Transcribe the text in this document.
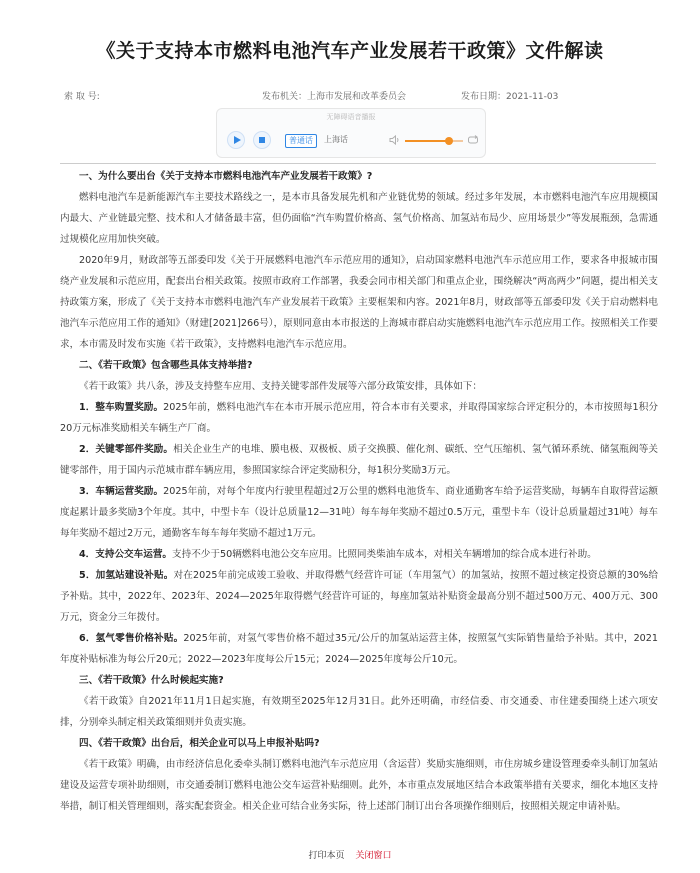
《关于支持本市燃料电池汽车产业发展若干政策》文件解读
索 取 号:	发布机关：上海市发展和改革委员会	发布日期：2021-11-03
无障碍语音播报
普通话	上海话

一、为什么要出台《关于支持本市燃料电池汽车产业发展若干政策》?

燃料电池汽车是新能源汽车主要技术路线之一，是本市具备发展先机和产业链优势的领域。经过多年发展，本市燃料电池汽车应用规模国内最大、产业链最完整、技术和人才储备最丰富，但仍面临“汽车购置价格高、氢气价格高、加氢站布局少、应用场景少”等发展瓶颈，急需通过规模化应用加快突破。

2020年9月，财政部等五部委印发《关于开展燃料电池汽车示范应用的通知》，启动国家燃料电池汽车示范应用工作，要求各申报城市围绕产业发展和示范应用，配套出台相关政策。按照市政府工作部署，我委会同市相关部门和重点企业，围绕解决“两高两少”问题，提出相关支持政策方案，形成了《关于支持本市燃料电池汽车产业发展若干政策》主要框架和内容。2021年8月，财政部等五部委印发《关于启动燃料电池汽车示范应用工作的通知》（财建[2021]266号），原则同意由本市报送的上海城市群启动实施燃料电池汽车示范应用工作。按照相关工作要求，本市需及时发布实施《若干政策》，支持燃料电池汽车示范应用。

二、《若干政策》包含哪些具体支持举措?

《若干政策》共八条，涉及支持整车应用、支持关键零部件发展等六部分政策安排，具体如下：

1．整车购置奖励。2025年前，燃料电池汽车在本市开展示范应用，符合本市有关要求，并取得国家综合评定积分的，本市按照每1积分20万元标准奖励相关车辆生产厂商。

2．关键零部件奖励。相关企业生产的电堆、膜电极、双极板、质子交换膜、催化剂、碳纸、空气压缩机、氢气循环系统、储氢瓶阀等关键零部件，用于国内示范城市群车辆应用，参照国家综合评定奖励积分，每1积分奖励3万元。

3．车辆运营奖励。2025年前，对每个年度内行驶里程超过2万公里的燃料电池货车、商业通勤客车给予运营奖励，每辆车自取得营运额度起累计最多奖励3个年度。其中，中型卡车（设计总质量12—31吨）每车每年奖励不超过0.5万元，重型卡车（设计总质量超过31吨）每车每年奖励不超过2万元，通勤客车每车每年奖励不超过1万元。

4．支持公交车运营。支持不少于50辆燃料电池公交车应用。比照同类柴油车成本，对相关车辆增加的综合成本进行补助。

5．加氢站建设补贴。对在2025年前完成竣工验收、并取得燃气经营许可证（车用氢气）的加氢站，按照不超过核定投资总额的30%给予补贴。其中，2022年、2023年、2024—2025年取得燃气经营许可证的，每座加氢站补贴资金最高分别不超过500万元、400万元、300万元，资金分三年拨付。

6．氢气零售价格补贴。2025年前，对氢气零售价格不超过35元/公斤的加氢站运营主体，按照氢气实际销售量给予补贴。其中，2021年度补贴标准为每公斤20元；2022—2023年度每公斤15元；2024—2025年度每公斤10元。

三、《若干政策》什么时候起实施?

《若干政策》自2021年11月1日起实施，有效期至2025年12月31日。此外还明确，市经信委、市交通委、市住建委围绕上述六项安排，分别牵头制定相关政策细则并负责实施。

四、《若干政策》出台后，相关企业可以马上申报补贴吗?

《若干政策》明确，由市经济信息化委牵头制订燃料电池汽车示范应用（含运营）奖励实施细则，市住房城乡建设管理委牵头制订加氢站建设及运营专项补助细则，市交通委制订燃料电池公交车运营补贴细则。此外，本市重点发展地区结合本政策举措有关要求，细化本地区支持举措，制订相关管理细则，落实配套资金。相关企业可结合业务实际，待上述部门制订出台各项操作细则后，按照相关规定申请补贴。

打印本页 关闭窗口
